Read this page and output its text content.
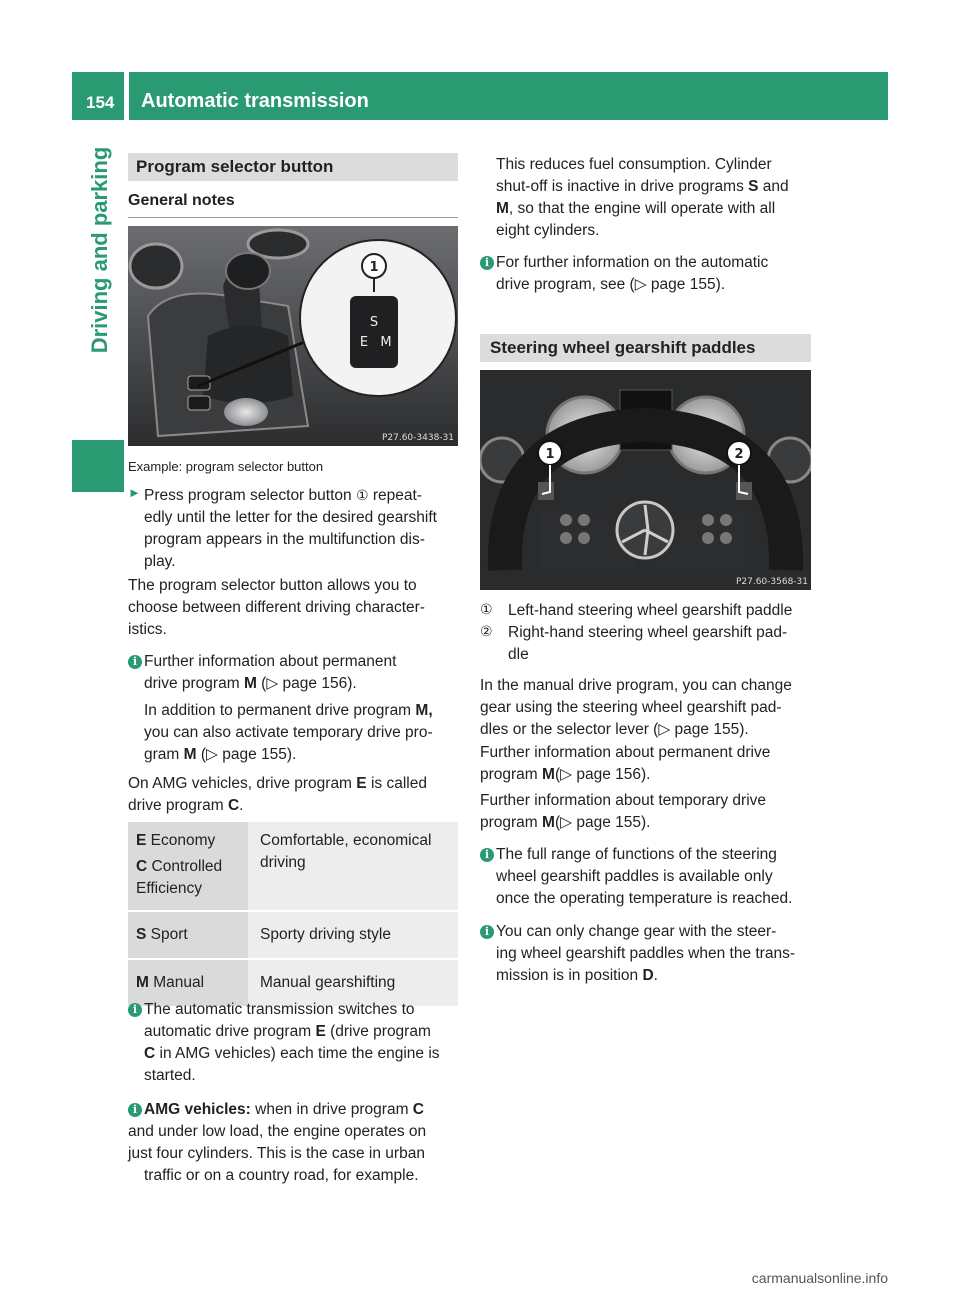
154 Automatic transmission
Driving and parking	Program selector button
General notes
1
S
E M
P27.60-3438-31

Example: program selector button

► Press program selector button ① repeat-

edly until the letter for the desired gearshift

program appears in the multifunction dis-

play.

The program selector button allows you to

choose between different driving character-

istics.

i Further information about permanent

drive program M (▷ page 156).

In addition to permanent drive program M,

you can also activate temporary drive pro-

gram M (▷ page 155).

On AMG vehicles, drive program E is called

drive program C.

E Economy

C Controlled
Efficiency	Comfortable, economical
driving
S Sport	Sporty driving style
M Manual	Manual gearshifting
i The automatic transmission switches to

automatic drive program E (drive program

C in AMG vehicles) each time the engine is

started.

i AMG vehicles: when in drive program C

and under low load, the engine operates on

just four cylinders. This is the case in urban

traffic or on a country road, for example.

This reduces fuel consumption. Cylinder

shut-off is inactive in drive programs S and

M, so that the engine will operate with all

eight cylinders.

i For further information on the automatic

drive program, see (▷ page 155).

Steering wheel gearshift paddles
1	2
P27.60-3568-31
① Left-hand steering wheel gearshift paddle

② Right-hand steering wheel gearshift pad-

dle

In the manual drive program, you can change

gear using the steering wheel gearshift pad-

dles or the selector lever (▷ page 155).

Further information about permanent drive

program M(▷ page 156).

Further information about temporary drive

program M(▷ page 155).

i The full range of functions of the steering

wheel gearshift paddles is available only

once the operating temperature is reached.

i You can only change gear with the steer-

ing wheel gearshift paddles when the trans-

mission is in position D.

carmanualsonline.info
